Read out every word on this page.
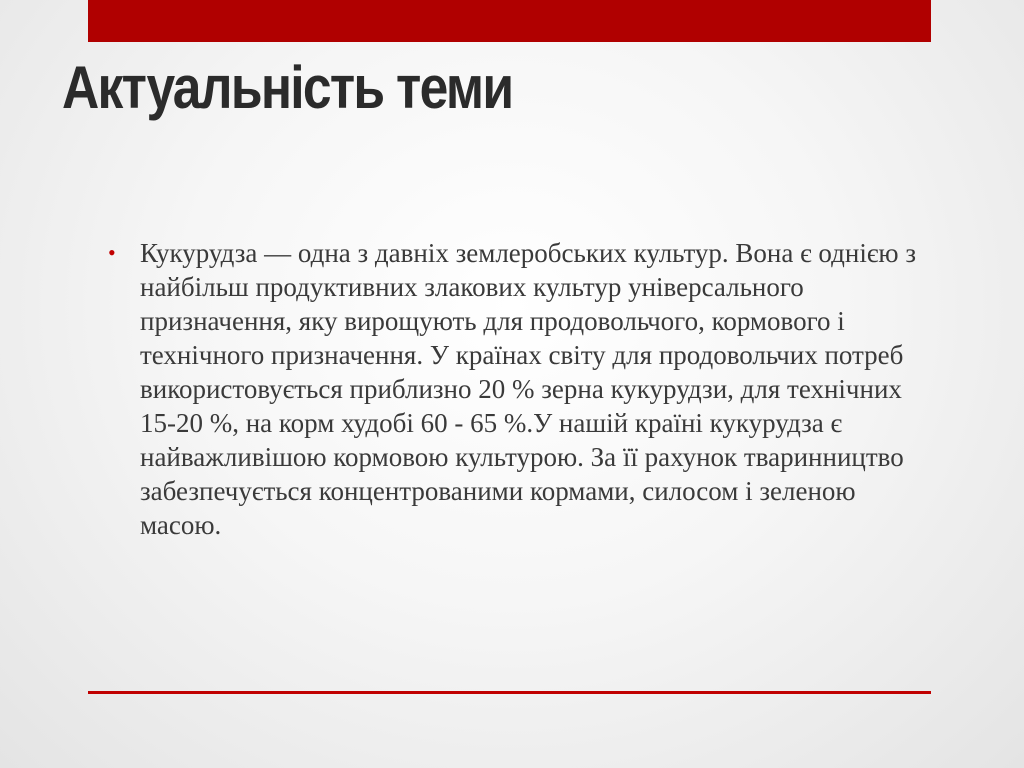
Актуальність теми
• Кукурудза — одна з давніх землеробських культур. Вона є однією з найбільш продуктивних злакових культур універсального призначення, яку вирощують для продовольчого, кормового і технічного призначення. У країнах світу для продовольчих потреб використовується приблизно 20 % зерна кукурудзи, для технічних 15-20 %, на корм худобі 60 - 65 %.У нашій країні кукурудза є найважливішою кормовою культурою. За її рахунок тваринництво забезпечується концентрованими кормами, силосом і зеленою масою.
